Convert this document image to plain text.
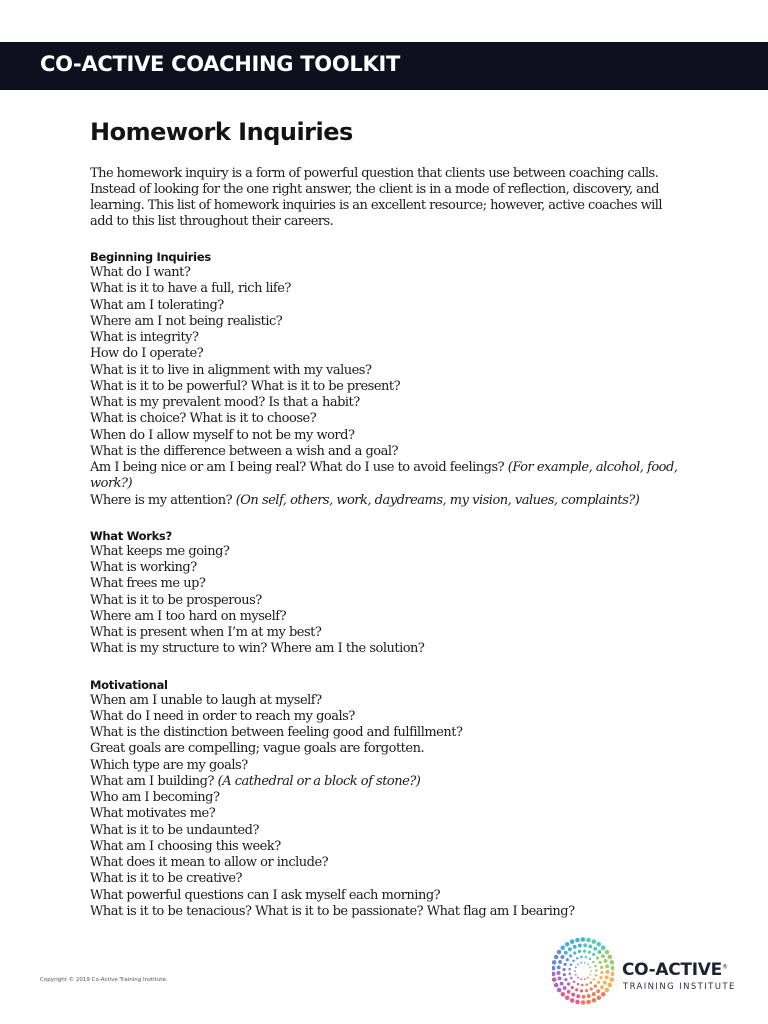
CO-ACTIVE COACHING TOOLKIT
Homework Inquiries

The homework inquiry is a form of powerful question that clients use between coaching calls. Instead of looking for the one right answer, the client is in a mode of reflection, discovery, and learning. This list of homework inquiries is an excellent resource; however, active coaches will add to this list throughout their careers.

Beginning Inquiries
What do I want?
What is it to have a full, rich life?
What am I tolerating?
Where am I not being realistic?
What is integrity?
How do I operate?
What is it to live in alignment with my values?
What is it to be powerful? What is it to be present?
What is my prevalent mood? Is that a habit?
What is choice? What is it to choose?
When do I allow myself to not be my word?
What is the difference between a wish and a goal?
Am I being nice or am I being real? What do I use to avoid feelings? (For example, alcohol, food, work?)
Where is my attention? (On self, others, work, daydreams, my vision, values, complaints?)
What Works?
What keeps me going?
What is working?
What frees me up?
What is it to be prosperous?
Where am I too hard on myself?
What is present when I’m at my best?
What is my structure to win? Where am I the solution?
Motivational
When am I unable to laugh at myself?
What do I need in order to reach my goals?
What is the distinction between feeling good and fulfillment?
Great goals are compelling; vague goals are forgotten.
Which type are my goals?
What am I building? (A cathedral or a block of stone?)
Who am I becoming?
What motivates me?
What is it to be undaunted?
What am I choosing this week?
What does it mean to allow or include?
What is it to be creative?
What powerful questions can I ask myself each morning?
What is it to be tenacious? What is it to be passionate? What flag am I bearing?
Copyright © 2019 Co-Active Training Institute.	CO-ACTIVE®
TRAINING INSTITUTE
